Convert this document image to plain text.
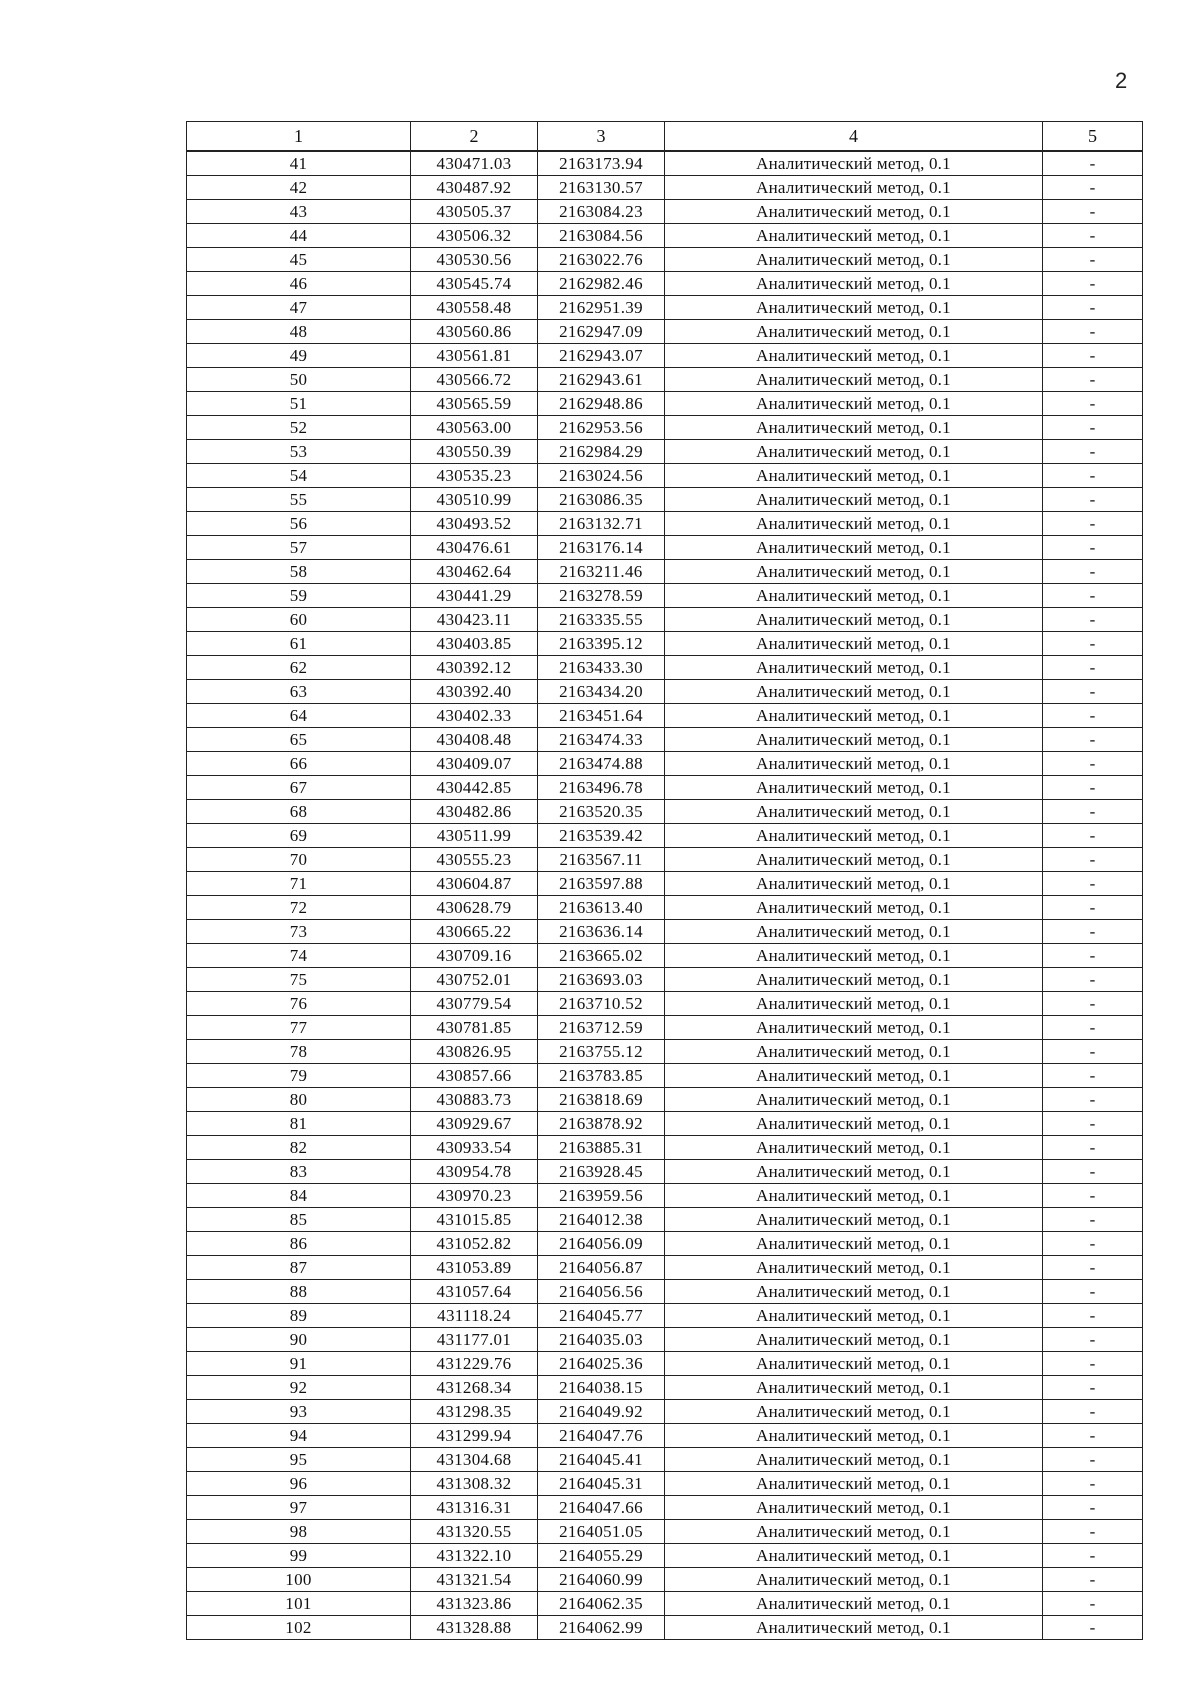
2
1	2	3	4	5
41	430471.03	2163173.94	Аналитический метод, 0.1	-
42	430487.92	2163130.57	Аналитический метод, 0.1	-
43	430505.37	2163084.23	Аналитический метод, 0.1	-
44	430506.32	2163084.56	Аналитический метод, 0.1	-
45	430530.56	2163022.76	Аналитический метод, 0.1	-
46	430545.74	2162982.46	Аналитический метод, 0.1	-
47	430558.48	2162951.39	Аналитический метод, 0.1	-
48	430560.86	2162947.09	Аналитический метод, 0.1	-
49	430561.81	2162943.07	Аналитический метод, 0.1	-
50	430566.72	2162943.61	Аналитический метод, 0.1	-
51	430565.59	2162948.86	Аналитический метод, 0.1	-
52	430563.00	2162953.56	Аналитический метод, 0.1	-
53	430550.39	2162984.29	Аналитический метод, 0.1	-
54	430535.23	2163024.56	Аналитический метод, 0.1	-
55	430510.99	2163086.35	Аналитический метод, 0.1	-
56	430493.52	2163132.71	Аналитический метод, 0.1	-
57	430476.61	2163176.14	Аналитический метод, 0.1	-
58	430462.64	2163211.46	Аналитический метод, 0.1	-
59	430441.29	2163278.59	Аналитический метод, 0.1	-
60	430423.11	2163335.55	Аналитический метод, 0.1	-
61	430403.85	2163395.12	Аналитический метод, 0.1	-
62	430392.12	2163433.30	Аналитический метод, 0.1	-
63	430392.40	2163434.20	Аналитический метод, 0.1	-
64	430402.33	2163451.64	Аналитический метод, 0.1	-
65	430408.48	2163474.33	Аналитический метод, 0.1	-
66	430409.07	2163474.88	Аналитический метод, 0.1	-
67	430442.85	2163496.78	Аналитический метод, 0.1	-
68	430482.86	2163520.35	Аналитический метод, 0.1	-
69	430511.99	2163539.42	Аналитический метод, 0.1	-
70	430555.23	2163567.11	Аналитический метод, 0.1	-
71	430604.87	2163597.88	Аналитический метод, 0.1	-
72	430628.79	2163613.40	Аналитический метод, 0.1	-
73	430665.22	2163636.14	Аналитический метод, 0.1	-
74	430709.16	2163665.02	Аналитический метод, 0.1	-
75	430752.01	2163693.03	Аналитический метод, 0.1	-
76	430779.54	2163710.52	Аналитический метод, 0.1	-
77	430781.85	2163712.59	Аналитический метод, 0.1	-
78	430826.95	2163755.12	Аналитический метод, 0.1	-
79	430857.66	2163783.85	Аналитический метод, 0.1	-
80	430883.73	2163818.69	Аналитический метод, 0.1	-
81	430929.67	2163878.92	Аналитический метод, 0.1	-
82	430933.54	2163885.31	Аналитический метод, 0.1	-
83	430954.78	2163928.45	Аналитический метод, 0.1	-
84	430970.23	2163959.56	Аналитический метод, 0.1	-
85	431015.85	2164012.38	Аналитический метод, 0.1	-
86	431052.82	2164056.09	Аналитический метод, 0.1	-
87	431053.89	2164056.87	Аналитический метод, 0.1	-
88	431057.64	2164056.56	Аналитический метод, 0.1	-
89	431118.24	2164045.77	Аналитический метод, 0.1	-
90	431177.01	2164035.03	Аналитический метод, 0.1	-
91	431229.76	2164025.36	Аналитический метод, 0.1	-
92	431268.34	2164038.15	Аналитический метод, 0.1	-
93	431298.35	2164049.92	Аналитический метод, 0.1	-
94	431299.94	2164047.76	Аналитический метод, 0.1	-
95	431304.68	2164045.41	Аналитический метод, 0.1	-
96	431308.32	2164045.31	Аналитический метод, 0.1	-
97	431316.31	2164047.66	Аналитический метод, 0.1	-
98	431320.55	2164051.05	Аналитический метод, 0.1	-
99	431322.10	2164055.29	Аналитический метод, 0.1	-
100	431321.54	2164060.99	Аналитический метод, 0.1	-
101	431323.86	2164062.35	Аналитический метод, 0.1	-
102	431328.88	2164062.99	Аналитический метод, 0.1	-
